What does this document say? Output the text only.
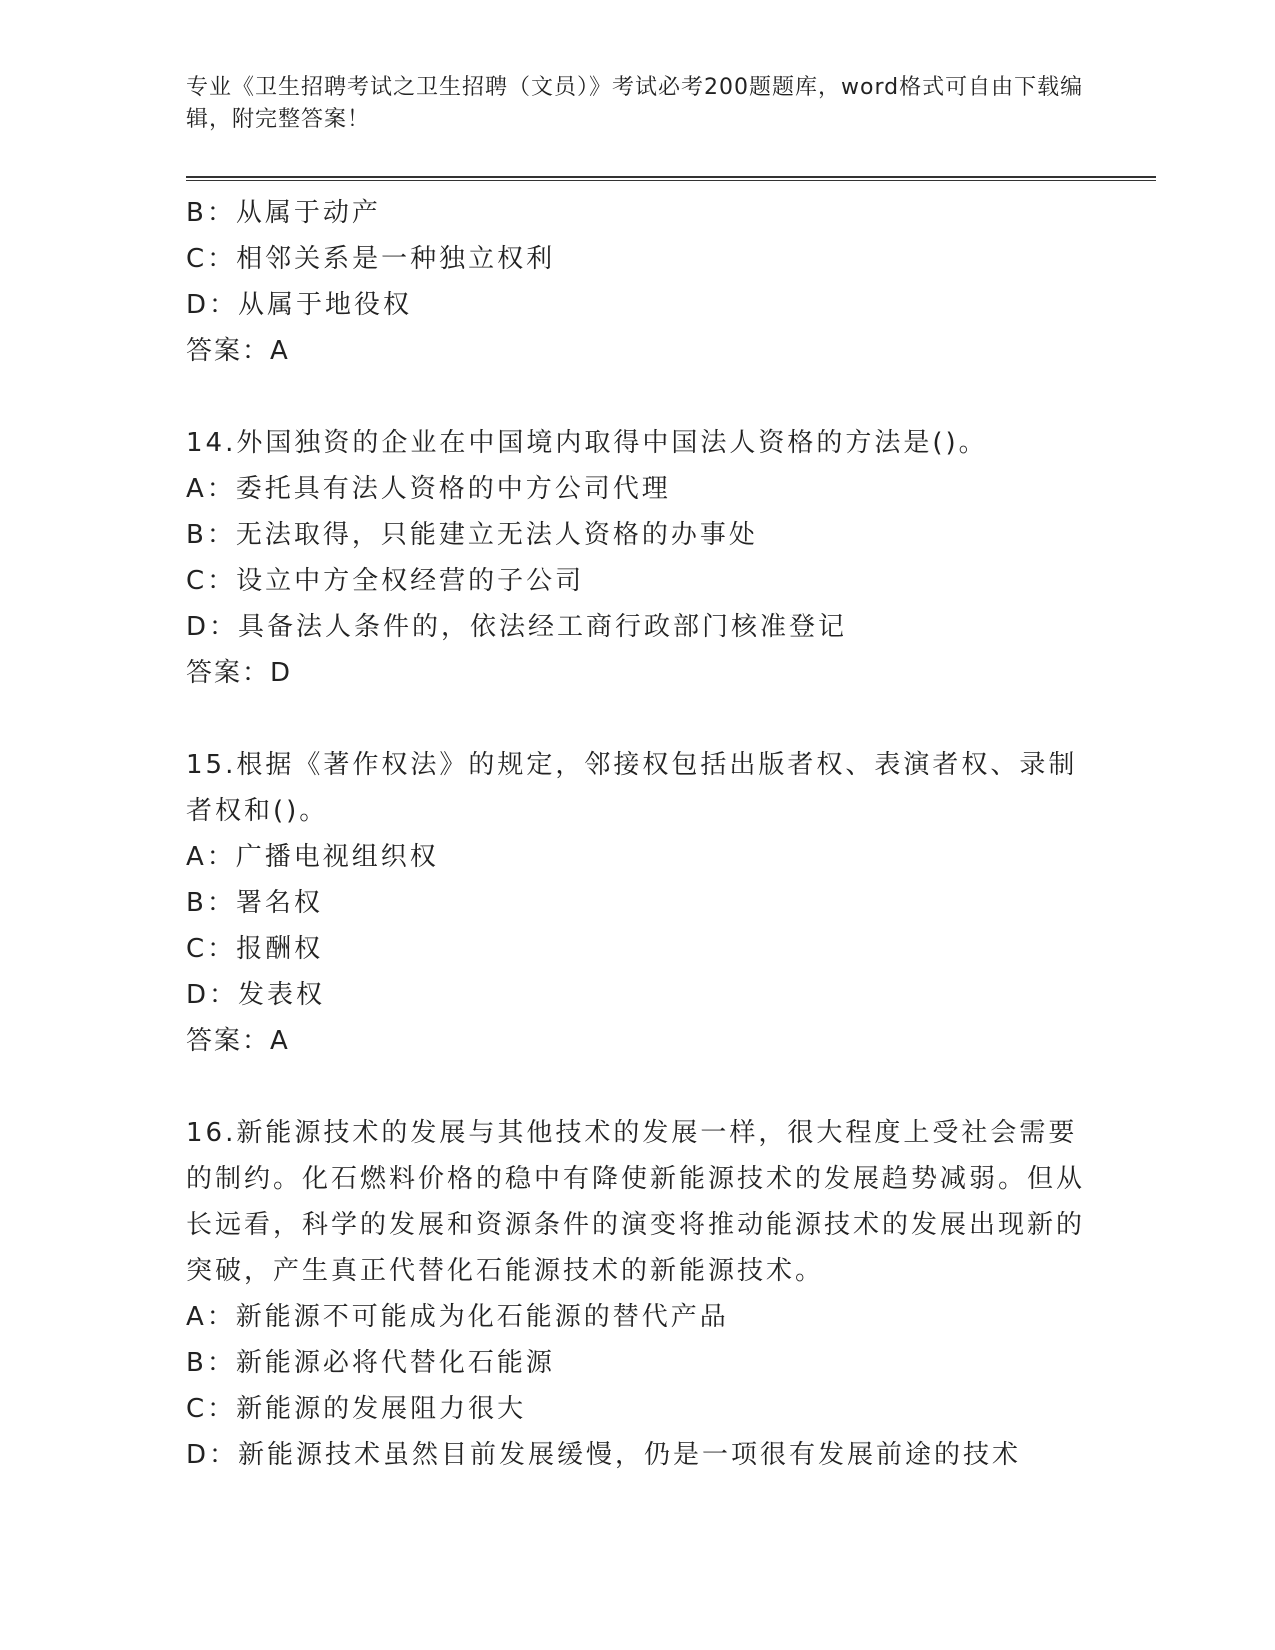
专业《卫生招聘考试之卫生招聘（文员）》考试必考200题题库，word格式可自由下载编辑，附完整答案！
B：从属于动产
C：相邻关系是一种独立权利
D：从属于地役权
答案：A
14.外国独资的企业在中国境内取得中国法人资格的方法是()。
A：委托具有法人资格的中方公司代理
B：无法取得，只能建立无法人资格的办事处
C：设立中方全权经营的子公司
D：具备法人条件的，依法经工商行政部门核准登记
答案：D
15.根据《著作权法》的规定，邻接权包括出版者权、表演者权、录制者权和()。
A：广播电视组织权
B：署名权
C：报酬权
D：发表权
答案：A
16.新能源技术的发展与其他技术的发展一样，很大程度上受社会需要的制约。化石燃料价格的稳中有降使新能源技术的发展趋势减弱。但从长远看，科学的发展和资源条件的演变将推动能源技术的发展出现新的突破，产生真正代替化石能源技术的新能源技术。
A：新能源不可能成为化石能源的替代产品
B：新能源必将代替化石能源
C：新能源的发展阻力很大
D：新能源技术虽然目前发展缓慢，仍是一项很有发展前途的技术
